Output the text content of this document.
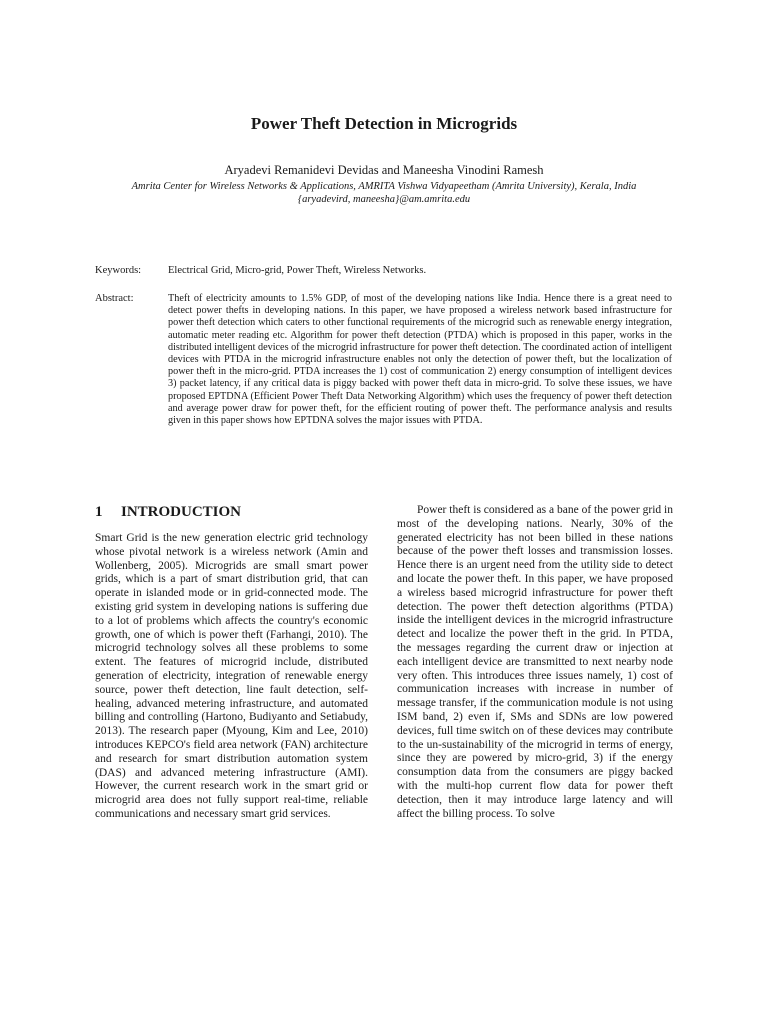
Power Theft Detection in Microgrids
Aryadevi Remanidevi Devidas and Maneesha Vinodini Ramesh
Amrita Center for Wireless Networks & Applications, AMRITA Vishwa Vidyapeetham (Amrita University), Kerala, India
{aryadevird, maneesha}@am.amrita.edu
Keywords:	Electrical Grid, Micro-grid, Power Theft, Wireless Networks.
Abstract:	Theft of electricity amounts to 1.5% GDP, of most of the developing nations like India. Hence there is a great need to detect power thefts in developing nations. In this paper, we have proposed a wireless network based infrastructure for power theft detection which caters to other functional requirements of the microgrid such as renewable energy integration, automatic meter reading etc. Algorithm for power theft detection (PTDA) which is proposed in this paper, works in the distributed intelligent devices of the microgrid infrastructure for power theft detection. The coordinated action of intelligent devices with PTDA in the microgrid infrastructure enables not only the detection of power theft, but the localization of power theft in the micro-grid. PTDA increases the 1) cost of communication 2) energy consumption of intelligent devices 3) packet latency, if any critical data is piggy backed with power theft data in micro-grid. To solve these issues, we have proposed EPTDNA (Efficient Power Theft Data Networking Algorithm) which uses the frequency of power theft detection and average power draw for power theft, for the efficient routing of power theft. The performance analysis and results given in this paper shows how EPTDNA solves the major issues with PTDA.
1 INTRODUCTION

Smart Grid is the new generation electric grid technology whose pivotal network is a wireless network (Amin and Wollenberg, 2005). Microgrids are small smart power grids, which is a part of smart distribution grid, that can operate in islanded mode or in grid-connected mode. The existing grid system in developing nations is suffering due to a lot of problems which affects the country's economic growth, one of which is power theft (Farhangi, 2010). The microgrid technology solves all these problems to some extent. The features of microgrid include, distributed generation of electricity, integration of renewable energy source, power theft detection, line fault detection, self-healing, advanced metering infrastructure, and automated billing and controlling (Hartono, Budiyanto and Setiabudy, 2013). The research paper (Myoung, Kim and Lee, 2010) introduces KEPCO's field area network (FAN) architecture and research for smart distribution automation system (DAS) and advanced metering infrastructure (AMI). However, the current research work in the smart grid or microgrid area does not fully support real-time, reliable communications and necessary smart grid services.

Power theft is considered as a bane of the power grid in most of the developing nations. Nearly, 30% of the generated electricity has not been billed in these nations because of the power theft losses and transmission losses. Hence there is an urgent need from the utility side to detect and locate the power theft. In this paper, we have proposed a wireless based microgrid infrastructure for power theft detection. The power theft detection algorithms (PTDA) inside the intelligent devices in the microgrid infrastructure detect and localize the power theft in the grid. In PTDA, the messages regarding the current draw or injection at each intelligent device are transmitted to next nearby node very often. This introduces three issues namely, 1) cost of communication increases with increase in number of message transfer, if the communication module is not using ISM band, 2) even if, SMs and SDNs are low powered devices, full time switch on of these devices may contribute to the un-sustainability of the microgrid in terms of energy, since they are powered by micro-grid, 3) if the energy consumption data from the consumers are piggy backed with the multi-hop current flow data for power theft detection, then it may introduce large latency and will affect the billing process. To solve
